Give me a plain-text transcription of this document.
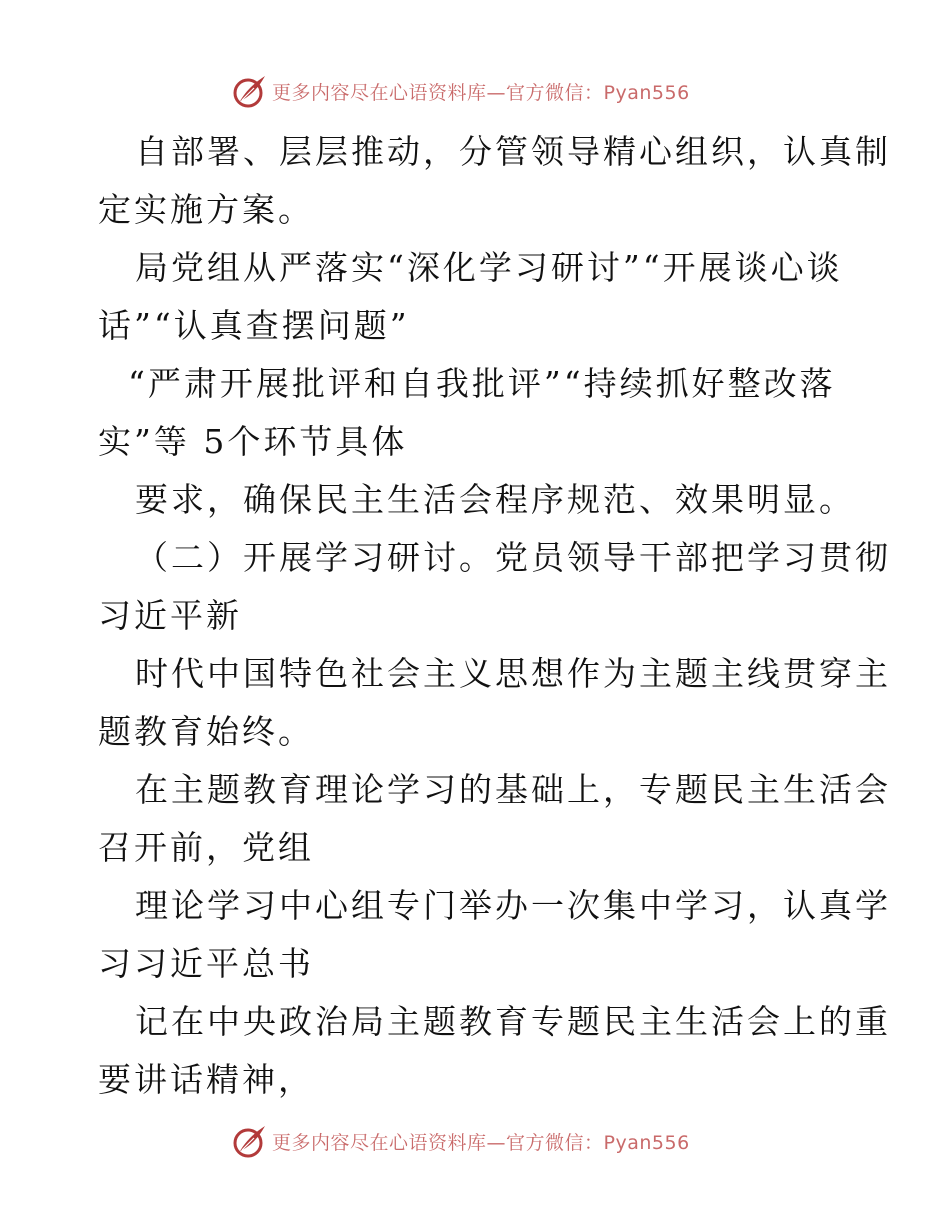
更多内容尽在心语资料库—官方微信：Pyan556
自部署、层层推动，分管领导精心组织，认真制
定实施方案。
局党组从严落实“深化学习研讨”“开展谈心谈
话”“认真查摆问题”
“严肃开展批评和自我批评”“持续抓好整改落
实”等 5个环节具体
要求，确保民主生活会程序规范、效果明显。
（二）开展学习研讨。党员领导干部把学习贯彻
习近平新
时代中国特色社会主义思想作为主题主线贯穿主
题教育始终。
在主题教育理论学习的基础上，专题民主生活会
召开前，党组
理论学习中心组专门举办一次集中学习，认真学
习习近平总书
记在中央政治局主题教育专题民主生活会上的重
要讲话精神，
更多内容尽在心语资料库—官方微信：Pyan556
